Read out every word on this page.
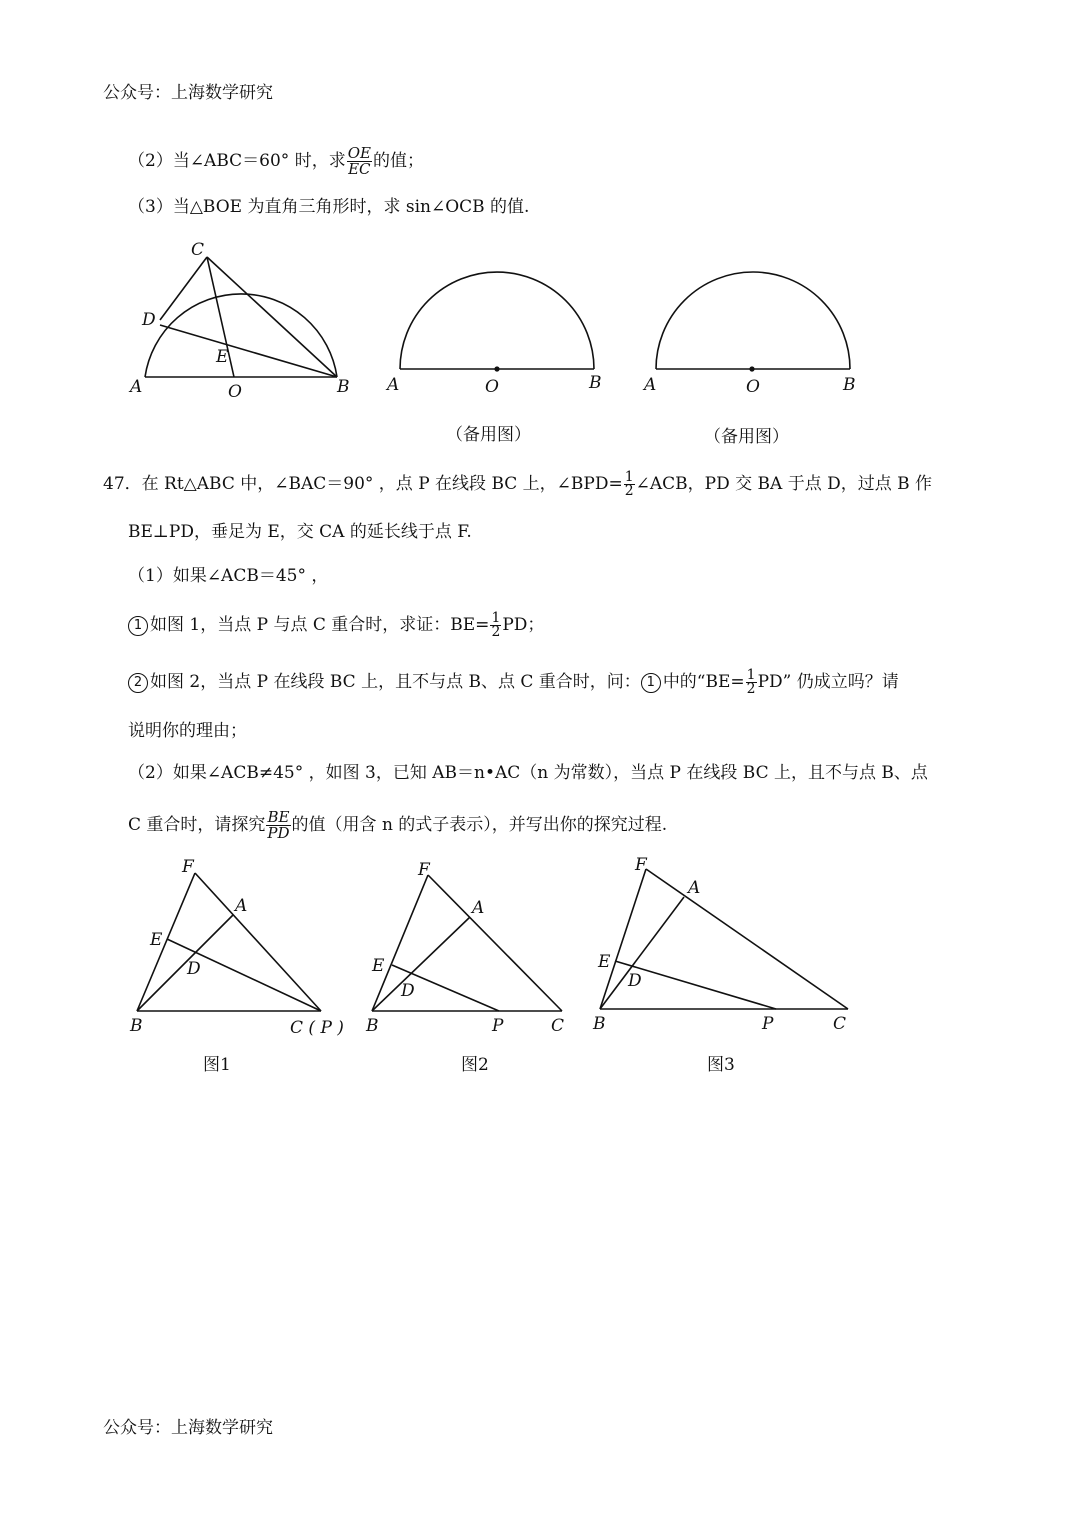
公众号：上海数学研究
（2）当∠ABC＝60° 时，求 $\frac{OE}{EC}$ 的值；
（3）当△BOE 为直角三角形时，求 sin∠OCB 的值.
C
D
E
A	O	B A	O	B
（备用图）
A	O	B
（备用图）
47．在 Rt△ABC 中，∠BAC＝90° ，点 P 在线段 BC 上，∠BPD= $\frac{1}{2}$ ∠ACB，PD 交 BA 于点 D，过点 B 作
BE⊥PD，垂足为 E，交 CA 的延长线于点 F.
（1）如果∠ACB＝45° ，
1 如图 1，当点 P 与点 C 重合时，求证：$BE= \frac{1}{2}$ PD；
2 如图 2，当点 P 在线段 BC 上，且不与点 B、点 C 重合时，问： 1 中的“$BE= \frac{1}{2}$ PD” 仍成立吗？请
说明你的理由；
（2）如果∠ACB≠45° ，如图 3，已知 AB＝n•AC（n 为常数），当点 P 在线段 BC 上，且不与点 B、点
C 重合时，请探究 $\frac{BE}{PD}$ 的值（用含 n 的式子表示），并写出你的探究过程.
F
A
E
D
B	C ( P )
图1
F
A
E
D
B	P	C
图2
F
A
E
D
B	P	C
图3
公众号：上海数学研究
